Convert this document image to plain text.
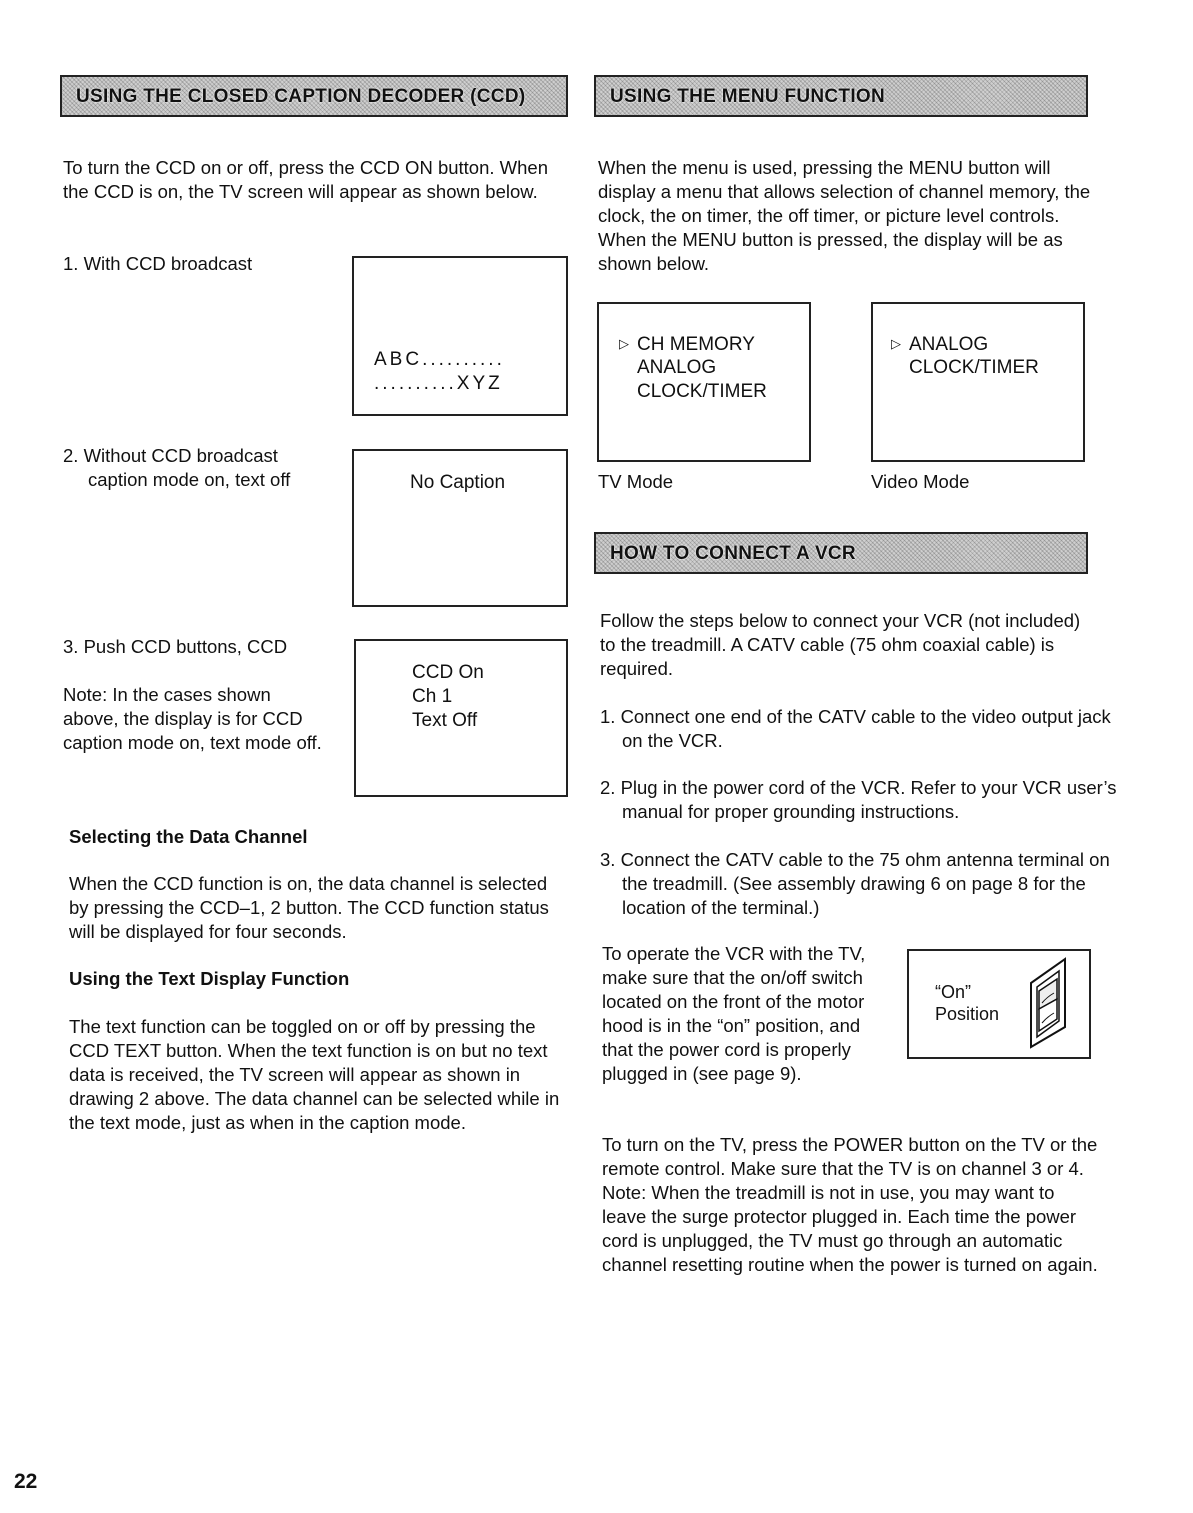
USING THE CLOSED CAPTION DECODER (CCD)
To turn the CCD on or off, press the CCD ON button. When the CCD is on, the TV screen will appear as shown below.
1. With CCD broadcast
ABC..........
..........XYZ
2. Without CCD broadcast
caption mode on, text off	No Caption
3. Push CCD buttons, CCD
Note: In the cases shown above, the display is for CCD caption mode on, text mode off.
CCD On
Ch 1
Text Off
Selecting the Data Channel
When the CCD function is on, the data channel is selected by pressing the CCD–1, 2 button. The CCD function status will be displayed for four seconds.
Using the Text Display Function
The text function can be toggled on or off by pressing the CCD TEXT button. When the text function is on but no text data is received, the TV screen will appear as shown in drawing 2 above. The data channel can be selected while in the text mode, just as when in the caption mode.
USING THE MENU FUNCTION
When the menu is used, pressing the MENU button will display a menu that allows selection of channel memory, the clock, the on timer, the off timer, or picture level controls. When the MENU button is pressed, the display will be as shown below.
▷ CH MEMORY
ANALOG
CLOCK/TIMER
TV Mode
▷ ANALOG
CLOCK/TIMER
Video Mode
HOW TO CONNECT A VCR
Follow the steps below to connect your VCR (not included) to the treadmill. A CATV cable (75 ohm coaxial cable) is required.
1. Connect one end of the CATV cable to the video output jack on the VCR.
2. Plug in the power cord of the VCR. Refer to your VCR user’s manual for proper grounding instructions.
3. Connect the CATV cable to the 75 ohm antenna terminal on the treadmill. (See assembly drawing 6 on page 8 for the location of the terminal.)
To operate the VCR with the TV, make sure that the on/off switch located on the front of the motor hood is in the “on” position, and that the power cord is properly plugged in (see page 9).
“On”
Position
To turn on the TV, press the POWER button on the TV or the remote control. Make sure that the TV is on channel 3 or 4. Note: When the treadmill is not in use, you may want to leave the surge protector plugged in. Each time the power cord is unplugged, the TV must go through an automatic channel resetting routine when the power is turned on again.
22
